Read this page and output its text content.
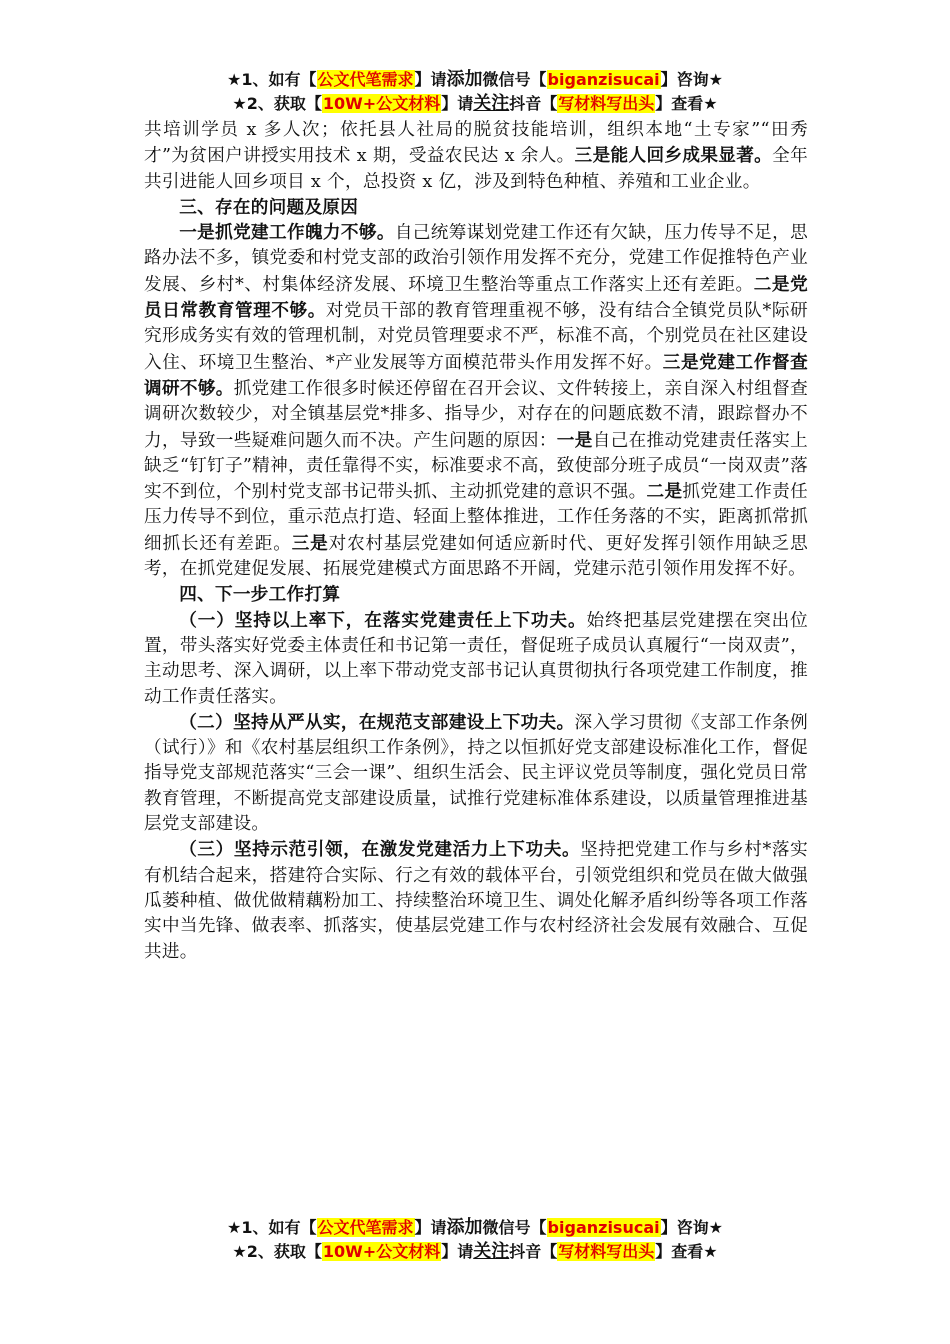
★1、如有【公文代笔需求】请添加微信号【biganzisucai】咨询★
★2、获取【10W+公文材料】请关注抖音【写材料写出头】查看★

共培训学员 x 多人次；依托县人社局的脱贫技能培训，组织本地“土专家”“田秀才”为贫困户讲授实用技术 x 期，受益农民达 x 余人。三是能人回乡成果显著。全年共引进能人回乡项目 x 个，总投资 x 亿，涉及到特色种植、养殖和工业企业。

三、存在的问题及原因

一是抓党建工作魄力不够。自己统筹谋划党建工作还有欠缺，压力传导不足，思路办法不多，镇党委和村党支部的政治引领作用发挥不充分，党建工作促推特色产业发展、乡村*、村集体经济发展、环境卫生整治等重点工作落实上还有差距。二是党员日常教育管理不够。对党员干部的教育管理重视不够，没有结合全镇党员队*际研究形成务实有效的管理机制，对党员管理要求不严，标准不高，个别党员在社区建设入住、环境卫生整治、*产业发展等方面模范带头作用发挥不好。三是党建工作督查调研不够。抓党建工作很多时候还停留在召开会议、文件转接上，亲自深入村组督查调研次数较少，对全镇基层党*排多、指导少，对存在的问题底数不清，跟踪督办不力，导致一些疑难问题久而不决。产生问题的原因：一是自己在推动党建责任落实上缺乏“钉钉子”精神，责任靠得不实，标准要求不高，致使部分班子成员“一岗双责”落实不到位，个别村党支部书记带头抓、主动抓党建的意识不强。二是抓党建工作责任压力传导不到位，重示范点打造、轻面上整体推进，工作任务落的不实，距离抓常抓细抓长还有差距。三是对农村基层党建如何适应新时代、更好发挥引领作用缺乏思考，在抓党建促发展、拓展党建模式方面思路不开阔，党建示范引领作用发挥不好。

四、下一步工作打算

（一）坚持以上率下，在落实党建责任上下功夫。始终把基层党建摆在突出位置，带头落实好党委主体责任和书记第一责任，督促班子成员认真履行“一岗双责”，主动思考、深入调研，以上率下带动党支部书记认真贯彻执行各项党建工作制度，推动工作责任落实。

（二）坚持从严从实，在规范支部建设上下功夫。深入学习贯彻《支部工作条例（试行）》和《农村基层组织工作条例》，持之以恒抓好党支部建设标准化工作，督促指导党支部规范落实“三会一课”、组织生活会、民主评议党员等制度，强化党员日常教育管理，不断提高党支部建设质量，试推行党建标准体系建设，以质量管理推进基层党支部建设。

（三）坚持示范引领，在激发党建活力上下功夫。坚持把党建工作与乡村*落实有机结合起来，搭建符合实际、行之有效的载体平台，引领党组织和党员在做大做强瓜蒌种植、做优做精藕粉加工、持续整治环境卫生、调处化解矛盾纠纷等各项工作落实中当先锋、做表率、抓落实，使基层党建工作与农村经济社会发展有效融合、互促共进。

★1、如有【公文代笔需求】请添加微信号【biganzisucai】咨询★
★2、获取【10W+公文材料】请关注抖音【写材料写出头】查看★
